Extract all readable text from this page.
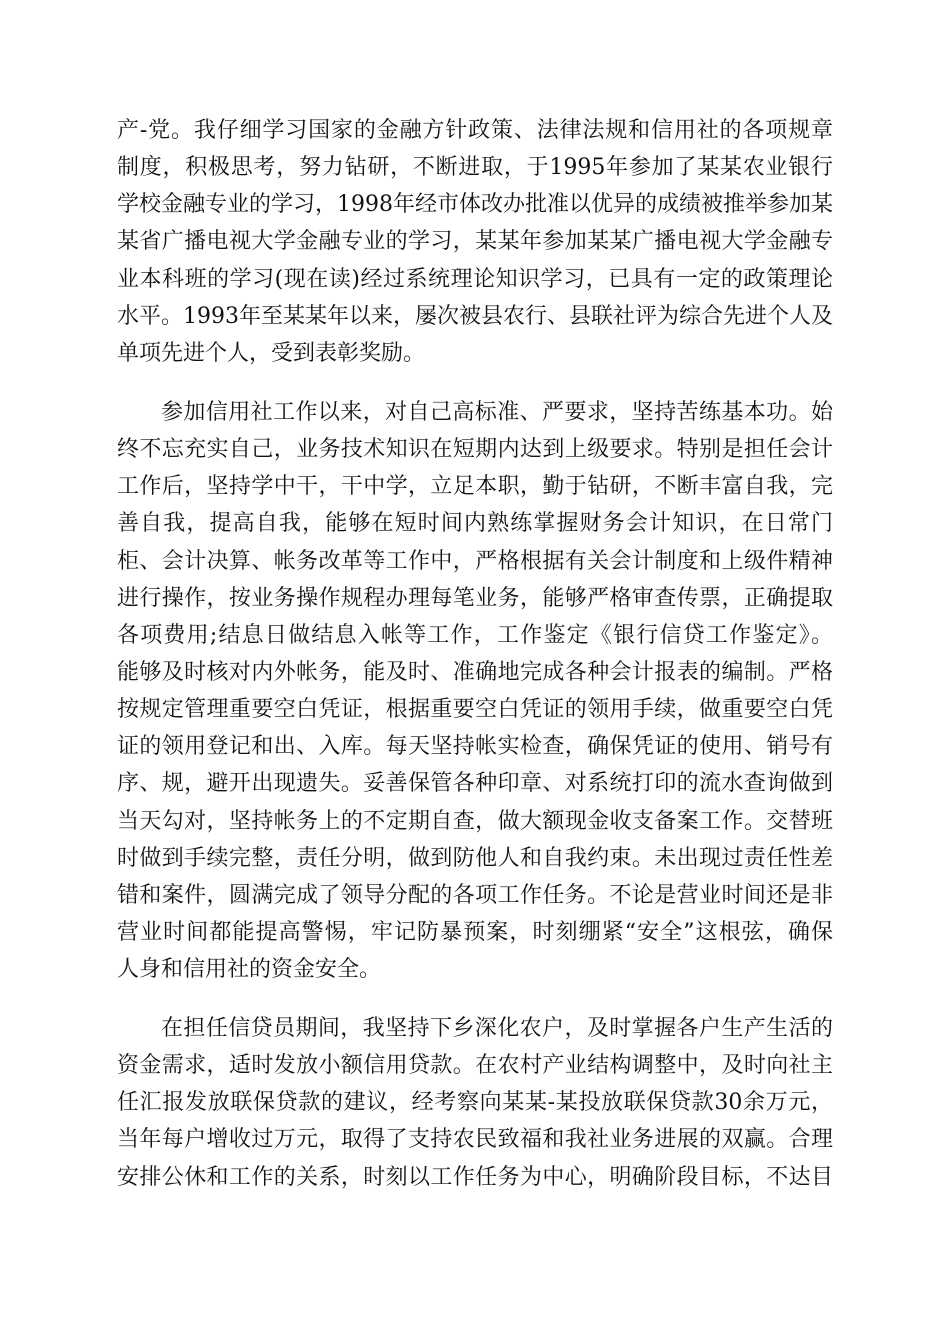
产-党。我仔细学习国家的金融方针政策、法律法规和信用社的各项规章
制度，积极思考，努力钻研，不断进取，于1995年参加了某某农业银行
学校金融专业的学习，1998年经市体改办批准以优异的成绩被推举参加某
某省广播电视大学金融专业的学习，某某年参加某某广播电视大学金融专
业本科班的学习(现在读)经过系统理论知识学习，已具有一定的政策理论
水平。1993年至某某年以来，屡次被县农行、县联社评为综合先进个人及
单项先进个人，受到表彰奖励。
参加信用社工作以来，对自己高标准、严要求，坚持苦练基本功。始
终不忘充实自己，业务技术知识在短期内达到上级要求。特别是担任会计
工作后，坚持学中干，干中学，立足本职，勤于钻研，不断丰富自我，完
善自我，提高自我，能够在短时间内熟练掌握财务会计知识，在日常门
柜、会计决算、帐务改革等工作中，严格根据有关会计制度和上级件精神
进行操作，按业务操作规程办理每笔业务，能够严格审查传票，正确提取
各项费用;结息日做结息入帐等工作，工作鉴定《银行信贷工作鉴定》。
能够及时核对内外帐务，能及时、准确地完成各种会计报表的编制。严格
按规定管理重要空白凭证，根据重要空白凭证的领用手续，做重要空白凭
证的领用登记和出、入库。每天坚持帐实检查，确保凭证的使用、销号有
序、规，避开出现遗失。妥善保管各种印章、对系统打印的流水查询做到
当天勾对，坚持帐务上的不定期自查，做大额现金收支备案工作。交替班
时做到手续完整，责任分明，做到防他人和自我约束。未出现过责任性差
错和案件，圆满完成了领导分配的各项工作任务。不论是营业时间还是非
营业时间都能提高警惕，牢记防暴预案，时刻绷紧“安全”这根弦，确保
人身和信用社的资金安全。
在担任信贷员期间，我坚持下乡深化农户，及时掌握各户生产生活的
资金需求，适时发放小额信用贷款。在农村产业结构调整中，及时向社主
任汇报发放联保贷款的建议，经考察向某某-某投放联保贷款30余万元，
当年每户增收过万元，取得了支持农民致福和我社业务进展的双赢。合理
安排公休和工作的关系，时刻以工作任务为中心，明确阶段目标，不达目
